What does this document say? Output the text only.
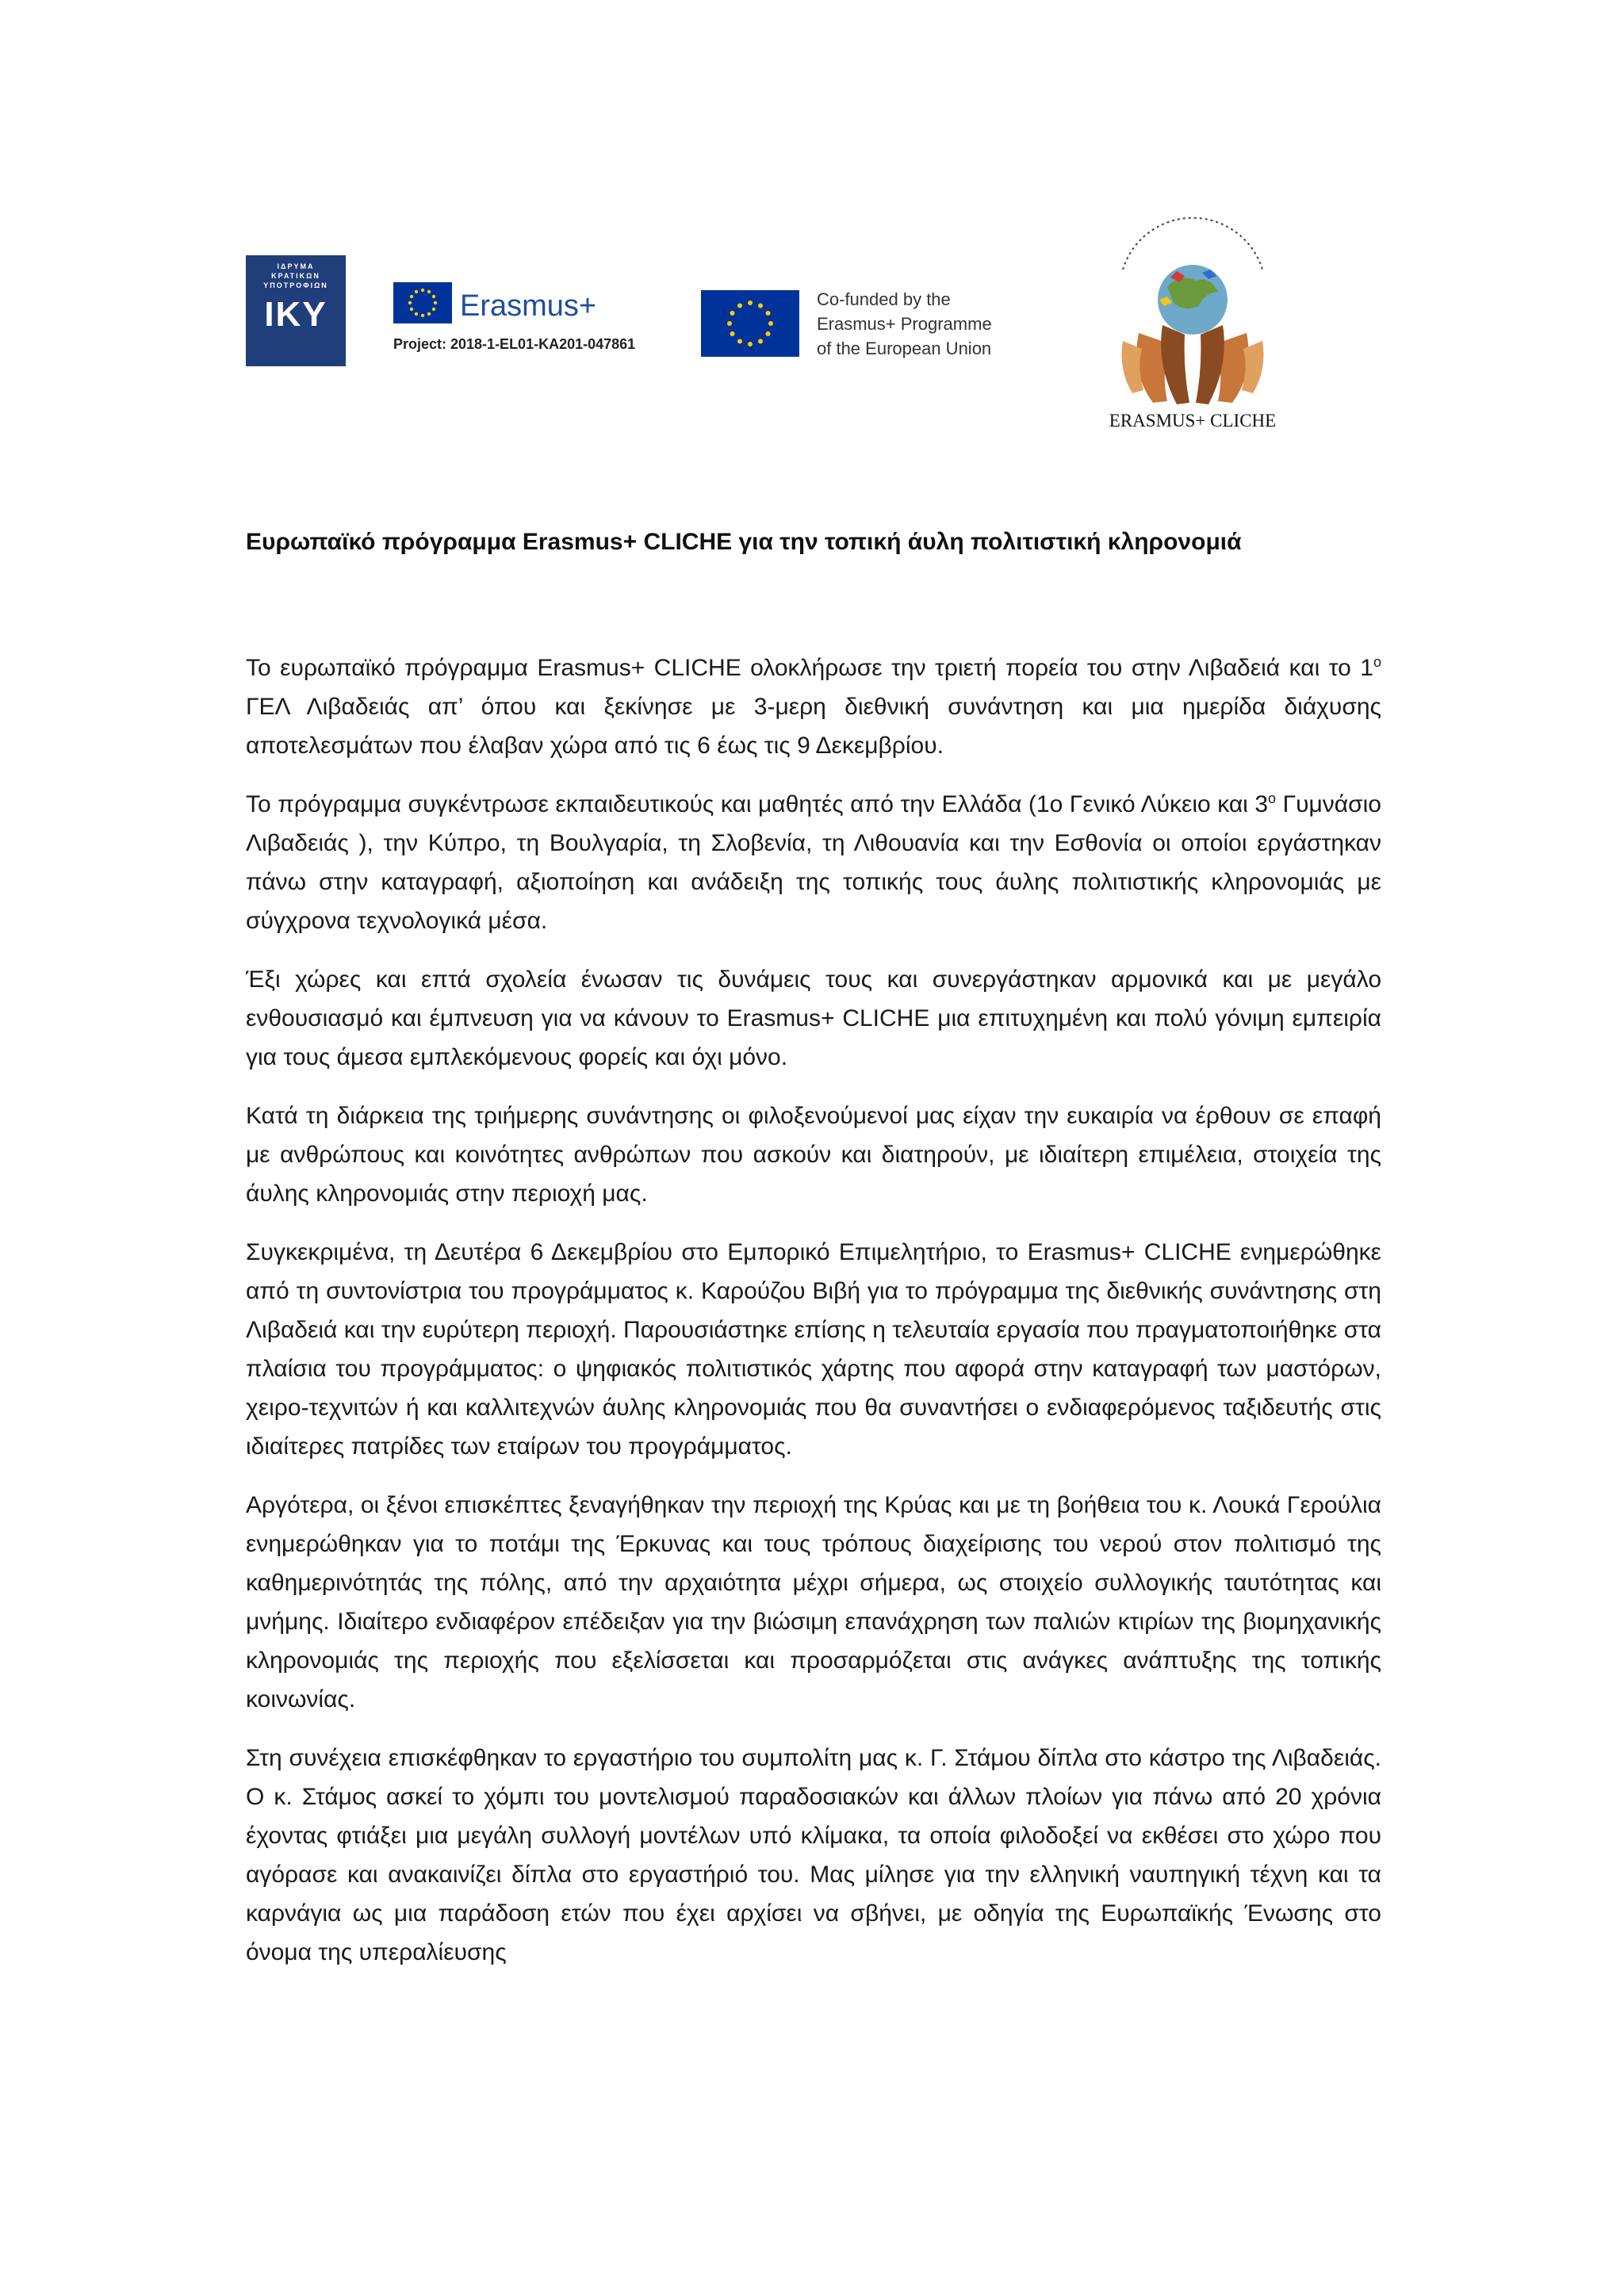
ΙΔΡΥΜΑ
ΚΡΑΤΙΚΩΝ
ΥΠΟΤΡΟΦΙΩΝ
IKY	Erasmus+
Project: 2018-1-EL01-KA201-047861
Co-funded by the
Erasmus+ Programme
of the European Union
ERASMUS+ CLICHE
Ευρωπαϊκό πρόγραμμα Erasmus+ CLICHE για την τοπική άυλη πολιτιστική κληρονομιά

Το ευρωπαϊκό πρόγραμμα Erasmus+ CLICHE ολοκλήρωσε την τριετή πορεία του στην Λιβαδειά και το $1^o$ ΓΕΛ Λιβαδειάς απ’ όπου και ξεκίνησε με 3-μερη διεθνική συνάντηση και μια ημερίδα διάχυσης αποτελεσμάτων που έλαβαν χώρα από τις 6 έως τις 9 Δεκεμβρίου.

Το πρόγραμμα συγκέντρωσε εκπαιδευτικούς και μαθητές από την Ελλάδα (1ο Γενικό Λύκειο και $3^o$ Γυμνάσιο Λιβαδειάς ), την Κύπρο, τη Βουλγαρία, τη Σλοβενία, τη Λιθουανία και την Εσθονία οι οποίοι εργάστηκαν πάνω στην καταγραφή, αξιοποίηση και ανάδειξη της τοπικής τους άυλης πολιτιστικής κληρονομιάς με σύγχρονα τεχνολογικά μέσα.

Έξι χώρες και επτά σχολεία ένωσαν τις δυνάμεις τους και συνεργάστηκαν αρμονικά και με μεγάλο ενθουσιασμό και έμπνευση για να κάνουν το Erasmus+ CLICHE μια επιτυχημένη και πολύ γόνιμη εμπειρία για τους άμεσα εμπλεκόμενους φορείς και όχι μόνο.

Κατά τη διάρκεια της τριήμερης συνάντησης οι φιλοξενούμενοί μας είχαν την ευκαιρία να έρθουν σε επαφή με ανθρώπους και κοινότητες ανθρώπων που ασκούν και διατηρούν, με ιδιαίτερη επιμέλεια, στοιχεία της άυλης κληρονομιάς στην περιοχή μας.

Συγκεκριμένα, τη Δευτέρα 6 Δεκεμβρίου στο Εμπορικό Επιμελητήριο, το Erasmus+ CLICHE ενημερώθηκε από τη συντονίστρια του προγράμματος κ. Καρούζου Βιβή για το πρόγραμμα της διεθνικής συνάντησης στη Λιβαδειά και την ευρύτερη περιοχή. Παρουσιάστηκε επίσης η τελευταία εργασία που πραγματοποιήθηκε στα πλαίσια του προγράμματος: ο ψηφιακός πολιτιστικός χάρτης που αφορά στην καταγραφή των μαστόρων, χειρο-τεχνιτών ή και καλλιτεχνών άυλης κληρονομιάς που θα συναντήσει ο ενδιαφερόμενος ταξιδευτής στις ιδιαίτερες πατρίδες των εταίρων του προγράμματος.

Αργότερα, οι ξένοι επισκέπτες ξεναγήθηκαν την περιοχή της Κρύας και με τη βοήθεια του κ. Λουκά Γερούλια ενημερώθηκαν για το ποτάμι της Έρκυνας και τους τρόπους διαχείρισης του νερού στον πολιτισμό της καθημερινότητάς της πόλης, από την αρχαιότητα μέχρι σήμερα, ως στοιχείο συλλογικής ταυτότητας και μνήμης. Ιδιαίτερο ενδιαφέρον επέδειξαν για την βιώσιμη επανάχρηση των παλιών κτιρίων της βιομηχανικής κληρονομιάς της περιοχής που εξελίσσεται και προσαρμόζεται στις ανάγκες ανάπτυξης της τοπικής κοινωνίας.

Στη συνέχεια επισκέφθηκαν το εργαστήριο του συμπολίτη μας κ. Γ. Στάμου δίπλα στο κάστρο της Λιβαδειάς. Ο κ. Στάμος ασκεί το χόμπι του μοντελισμού παραδοσιακών και άλλων πλοίων για πάνω από 20 χρόνια έχοντας φτιάξει μια μεγάλη συλλογή μοντέλων υπό κλίμακα, τα οποία φιλοδοξεί να εκθέσει στο χώρο που αγόρασε και ανακαινίζει δίπλα στο εργαστήριό του. Μας μίλησε για την ελληνική ναυπηγική τέχνη και τα καρνάγια ως μια παράδοση ετών που έχει αρχίσει να σβήνει, με οδηγία της Ευρωπαϊκής Ένωσης στο όνομα της υπεραλίευσης
